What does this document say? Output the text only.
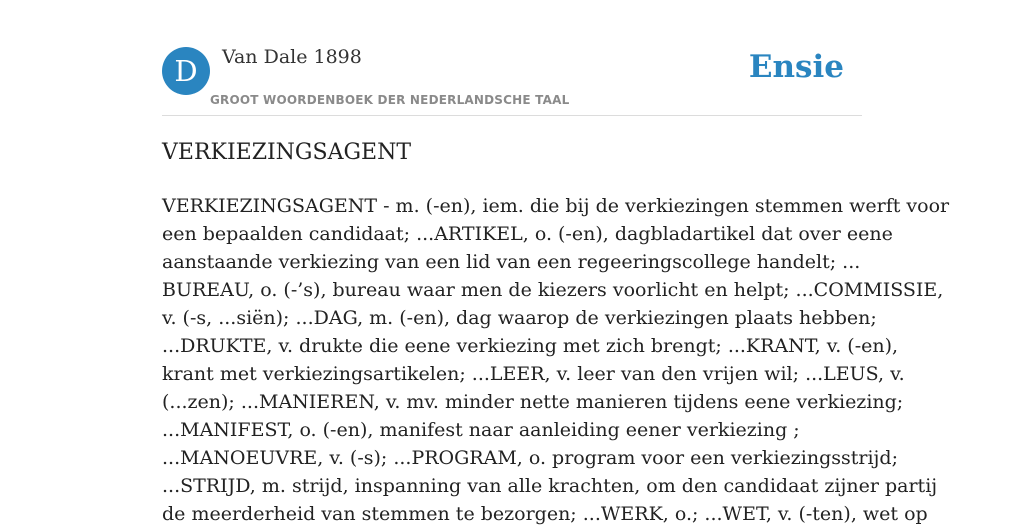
D	Van Dale 1898
GROOT WOORDENBOEK DER NEDERLANDSCHE TAAL
Ensie
VERKIEZINGSAGENT
VERKIEZINGSAGENT - m. (-en), iem. die bij de verkiezingen stemmen werft voor
een bepaalden candidaat; ...ARTIKEL, o. (-en), dagbladartikel dat over eene
aanstaande verkiezing van een lid van een regeeringscollege handelt; ...
BUREAU, o. (-’s), bureau waar men de kiezers voorlicht en helpt; ...COMMISSIE,
v. (-s, ...siën); ...DAG, m. (-en), dag waarop de verkiezingen plaats hebben;
...DRUKTE, v. drukte die eene verkiezing met zich brengt; ...KRANT, v. (-en),
krant met verkiezingsartikelen; ...LEER, v. leer van den vrijen wil; ...LEUS, v.
(...zen); ...MANIEREN, v. mv. minder nette manieren tijdens eene verkiezing;
...MANIFEST, o. (-en), manifest naar aanleiding eener verkiezing ;
...MANOEUVRE, v. (-s); ...PROGRAM, o. program voor een verkiezingsstrijd;
...STRIJD, m. strijd, inspanning van alle krachten, om den candidaat zijner partij
de meerderheid van stemmen te bezorgen; ...WERK, o.; ...WET, v. (-ten), wet op
